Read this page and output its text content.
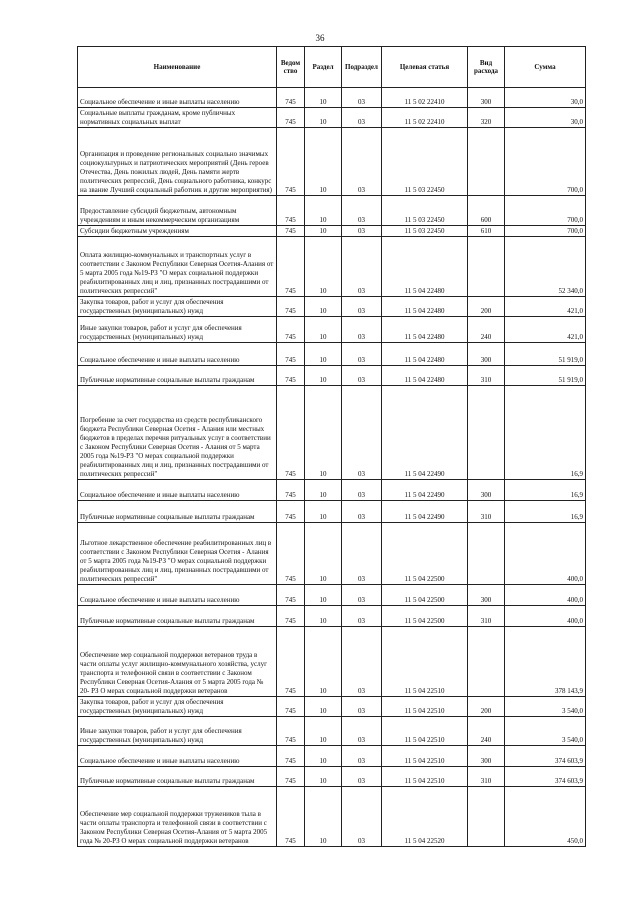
36
Наименование	Ведом ство	Раздел	Подраздел	Целевая статья	Вид расхода	Сумма
Социальное обеспечение и иные выплаты населению	745	10	03	11 5 02 22410	300	30,0
Социальные выплаты гражданам, кроме публичных нормативных социальных выплат	745	10	03	11 5 02 22410	320	30,0
Организация и проведение региональных социально значимых социокультурных и патриотических мероприятий (День героев Отечества, День пожилых людей, День памяти жертв политических репрессий, День социального работника, конкурс на звание Лучший социальный работник и другие мероприятия)	745	10	03	11 5 03 22450		700,0
Предоставление субсидий бюджетным, автономным учреждениям и иным некоммерческим организациям	745	10	03	11 5 03 22450	600	700,0
Субсидии бюджетным учреждениям	745	10	03	11 5 03 22450	610	700,0
Оплата жилищно-коммунальных и транспортных услуг в соответствии с Законом Республики Северная Осетия-Алания от 5 марта 2005 года №19-РЗ "О мерах социальной поддержки реабилитированных лиц и лиц, признанных пострадавшими от политических репрессий"	745	10	03	11 5 04 22480		52 340,0
Закупка товаров, работ и услуг для обеспечения государственных (муниципальных) нужд	745	10	03	11 5 04 22480	200	421,0
Иные закупки товаров, работ и услуг для обеспечения государственных (муниципальных) нужд	745	10	03	11 5 04 22480	240	421,0
Социальное обеспечение и иные выплаты населению	745	10	03	11 5 04 22480	300	51 919,0
Публичные нормативные социальные выплаты гражданам	745	10	03	11 5 04 22480	310	51 919,0
Погребение за счет государства из средств республиканского бюджета Республики Северная Осетия - Алания или местных бюджетов в пределах перечня ритуальных услуг в соответствии с Законом Республики Северная Осетия - Алания от 5 марта 2005 года №19-РЗ "О мерах социальной поддержки реабилитированных лиц и лиц, признанных пострадавшими от политических репрессий"	745	10	03	11 5 04 22490		16,9
Социальное обеспечение и иные выплаты населению	745	10	03	11 5 04 22490	300	16,9
Публичные нормативные социальные выплаты гражданам	745	10	03	11 5 04 22490	310	16,9
Льготное лекарственное обеспечение реабилитированных лиц в соответствии с Законом Республики Северная Осетия - Алания от 5 марта 2005 года №19-РЗ "О мерах социальной поддержки реабилитированных лиц и лиц, признанных пострадавшими от политических репрессий"	745	10	03	11 5 04 22500		400,0
Социальное обеспечение и иные выплаты населению	745	10	03	11 5 04 22500	300	400,0
Публичные нормативные социальные выплаты гражданам	745	10	03	11 5 04 22500	310	400,0
Обеспечение мер социальной поддержки ветеранов труда в части оплаты услуг жилищно-коммунального хозяйства, услуг транспорта и телефонной связи в соответствии с Законом Республики Северная Осетия-Алания от 5 марта 2005 года № 20- РЗ О мерах социальной поддержки ветеранов	745	10	03	11 5 04 22510		378 143,9
Закупка товаров, работ и услуг для обеспечения государственных (муниципальных) нужд	745	10	03	11 5 04 22510	200	3 540,0
Иные закупки товаров, работ и услуг для обеспечения государственных (муниципальных) нужд	745	10	03	11 5 04 22510	240	3 540,0
Социальное обеспечение и иные выплаты населению	745	10	03	11 5 04 22510	300	374 603,9
Публичные нормативные социальные выплаты гражданам	745	10	03	11 5 04 22510	310	374 603,9
Обеспечение мер социальной поддержки тружеников тыла в части оплаты транспорта и телефонной связи в соответствии с Законом Республики Северная Осетия-Алания от 5 марта 2005 года № 20-РЗ О мерах социальной поддержки ветеранов	745	10	03	11 5 04 22520		450,0
